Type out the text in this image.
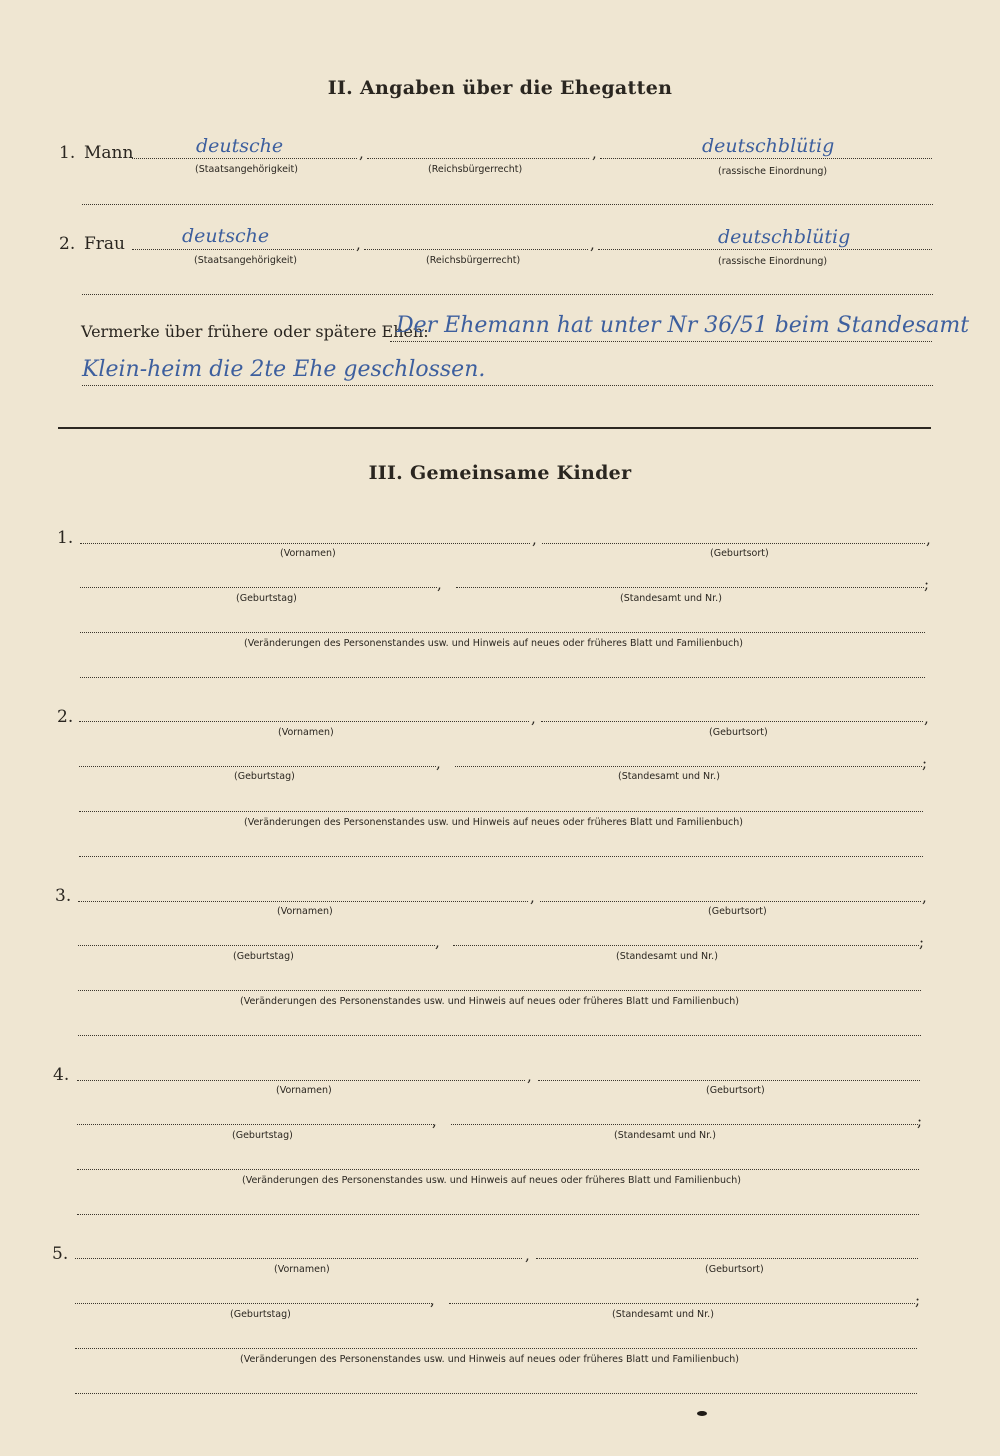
II. Angaben über die Ehegatten
1. Mann	deutsche	,	,	deutschblütig
(Staatsangehörigkeit)	(Reichsbürgerrecht)	(rassische Einordnung)
2. Frau	deutsche	,	,	deutschblütig
(Staatsangehörigkeit)	(Reichsbürgerrecht)	(rassische Einordnung)
Vermerke über frühere oder spätere Ehen:
Der Ehemann hat unter Nr 36/51 beim Standesamt
Klein-heim die 2te Ehe geschlossen.
III. Gemeinsame Kinder
1.	,	,
(Vornamen)	(Geburtsort)
,	;
(Geburtstag)	(Standesamt und Nr.)
(Veränderungen des Personenstandes usw. und Hinweis auf neues oder früheres Blatt und Familienbuch)
2.	,	,
(Vornamen)	(Geburtsort)
,	;
(Geburtstag)	(Standesamt und Nr.)
(Veränderungen des Personenstandes usw. und Hinweis auf neues oder früheres Blatt und Familienbuch)
3.	,	,
(Vornamen)	(Geburtsort)
,	;
(Geburtstag)	(Standesamt und Nr.)
(Veränderungen des Personenstandes usw. und Hinweis auf neues oder früheres Blatt und Familienbuch)
4.	,
(Vornamen)	(Geburtsort)
,	;
(Geburtstag)	(Standesamt und Nr.)
(Veränderungen des Personenstandes usw. und Hinweis auf neues oder früheres Blatt und Familienbuch)
5.	,
(Vornamen)	(Geburtsort)
,	;
(Geburtstag)	(Standesamt und Nr.)
(Veränderungen des Personenstandes usw. und Hinweis auf neues oder früheres Blatt und Familienbuch)
